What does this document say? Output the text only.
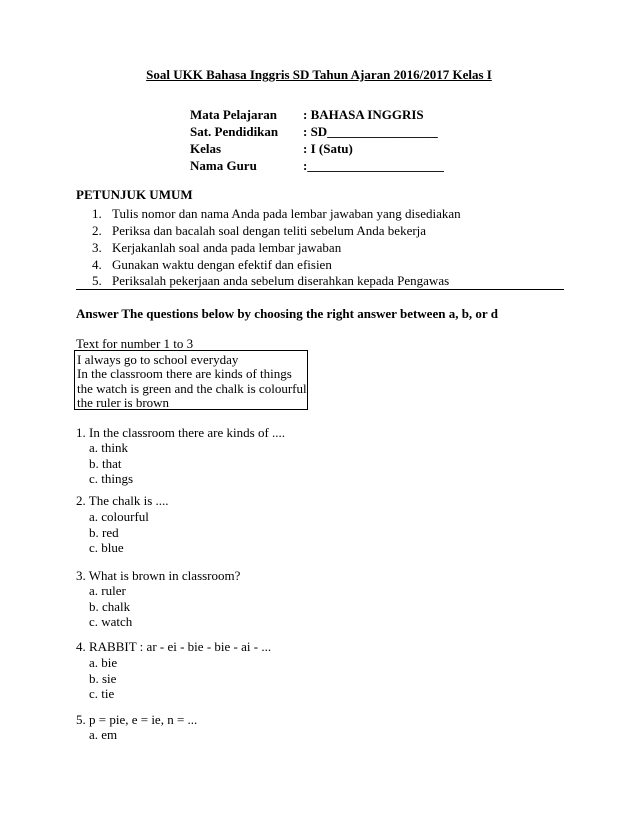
Soal UKK Bahasa Inggris SD Tahun Ajaran 2016/2017 Kelas I
Mata Pelajaran : BAHASA INGGRIS
Sat. Pendidikan : SD_________________
Kelas	: I (Satu)
Nama Guru	:_____________________
PETUNJUK UMUM
1. Tulis nomor dan nama Anda pada lembar jawaban yang disediakan
2. Periksa dan bacalah soal dengan teliti sebelum Anda bekerja
3. Kerjakanlah soal anda pada lembar jawaban
4. Gunakan waktu dengan efektif dan efisien
5. Periksalah pekerjaan anda sebelum diserahkan kepada Pengawas
Answer The questions below by choosing the right answer between a, b, or d
Text for number 1 to 3
I always go to school everyday
In the classroom there are kinds of things
the watch is green and the chalk is colourful
the ruler is brown
1. In the classroom there are kinds of ....
a. think
b. that
c. things
2. The chalk is ....
a. colourful
b. red
c. blue
3. What is brown in classroom?
a. ruler
b. chalk
c. watch
4. RABBIT : ar - ei - bie - bie - ai - ...
a. bie
b. sie
c. tie
5. p = pie, e = ie, n = ...
a. em
